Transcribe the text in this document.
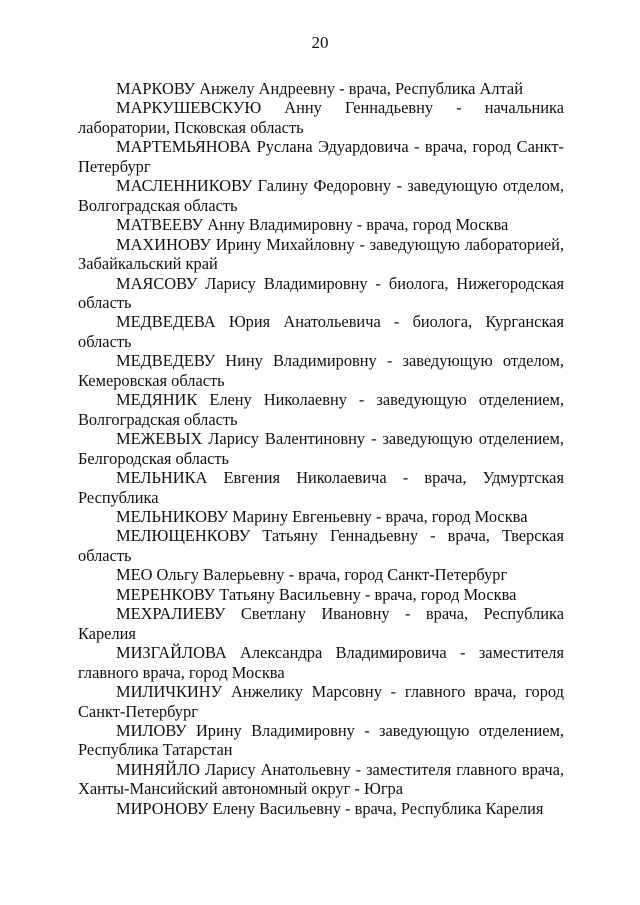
20

МАРКОВУ Анжелу Андреевну - врача, Республика Алтай

МАРКУШЕВСКУЮ Анну Геннадьевну - начальника лаборатории, Псковская область

МАРТЕМЬЯНОВА Руслана Эдуардовича - врача, город Санкт-Петербург

МАСЛЕННИКОВУ Галину Федоровну - заведующую отделом, Волгоградская область

МАТВЕЕВУ Анну Владимировну - врача, город Москва

МАХИНОВУ Ирину Михайловну - заведующую лабораторией, Забайкальский край

МАЯСОВУ Ларису Владимировну - биолога, Нижегородская область

МЕДВЕДЕВА Юрия Анатольевича - биолога, Курганская область

МЕДВЕДЕВУ Нину Владимировну - заведующую отделом, Кемеровская область

МЕДЯНИК Елену Николаевну - заведующую отделением, Волгоградская область

МЕЖЕВЫХ Ларису Валентиновну - заведующую отделением, Белгородская область

МЕЛЬНИКА Евгения Николаевича - врача, Удмуртская Республика

МЕЛЬНИКОВУ Марину Евгеньевну - врача, город Москва

МЕЛЮЩЕНКОВУ Татьяну Геннадьевну - врача, Тверская область

МЕО Ольгу Валерьевну - врача, город Санкт-Петербург

МЕРЕНКОВУ Татьяну Васильевну - врача, город Москва

МЕХРАЛИЕВУ Светлану Ивановну - врача, Республика Карелия

МИЗГАЙЛОВА Александра Владимировича - заместителя главного врача, город Москва

МИЛИЧКИНУ Анжелику Марсовну - главного врача, город Санкт-Петербург

МИЛОВУ Ирину Владимировну - заведующую отделением, Республика Татарстан

МИНЯЙЛО Ларису Анатольевну - заместителя главного врача, Ханты-Мансийский автономный округ - Югра

МИРОНОВУ Елену Васильевну - врача, Республика Карелия
